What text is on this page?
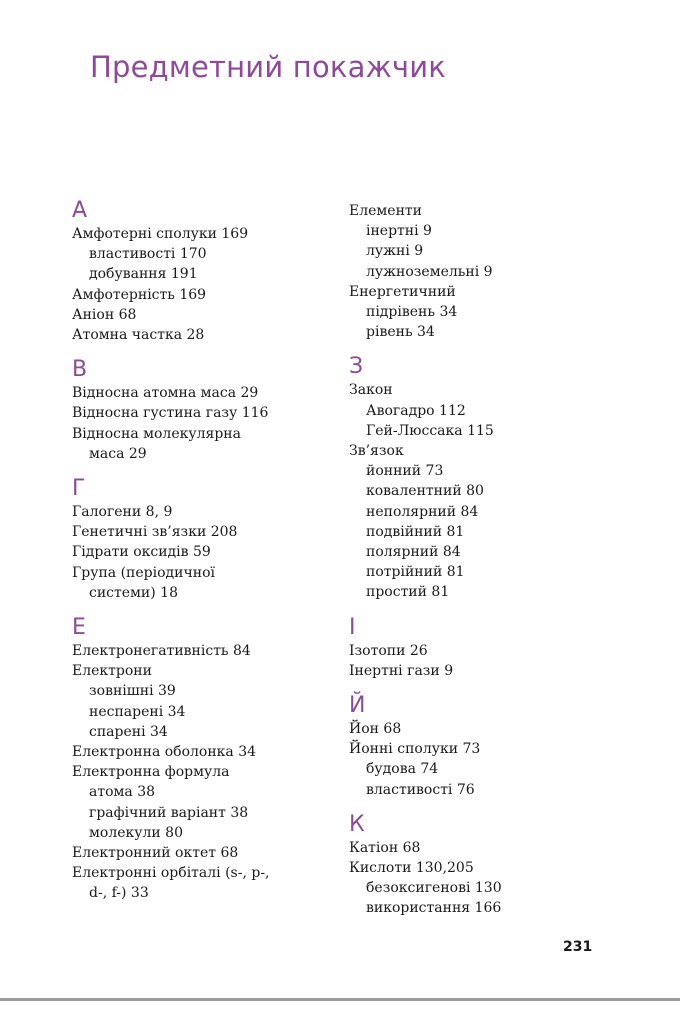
Предметний покажчик
А
Амфотерні сполуки 169
властивості 170
добування 191
Амфотерність 169
Аніон 68
Атомна частка 28
В
Відносна атомна маса 29
Відносна густина газу 116
Відносна молекулярна
маса 29
Г
Галогени 8, 9
Генетичні зв’язки 208
Гідрати оксидів 59
Група (періодичної
системи) 18
Е
Електронегативність 84
Електрони
зовнішні 39
неспарені 34
спарені 34
Електронна оболонка 34
Електронна формула
атома 38
графічний варіант 38
молекули 80
Електронний октет 68
Електронні орбіталі (s-, p-,
d-, f-) 33
Елементи
інертні 9
лужні 9
лужноземельні 9
Енергетичний
підрівень 34
рівень 34
З
Закон
Авогадро 112
Гей-Люссака 115
Зв’язок
йонний 73
ковалентний 80
неполярний 84
подвійний 81
полярний 84
потрійний 81
простий 81
І
Ізотопи 26
Інертні гази 9
Й
Йон 68
Йонні сполуки 73
будова 74
властивості 76
К
Катіон 68
Кислоти 130,205
безоксигенові 130
використання 166
231
